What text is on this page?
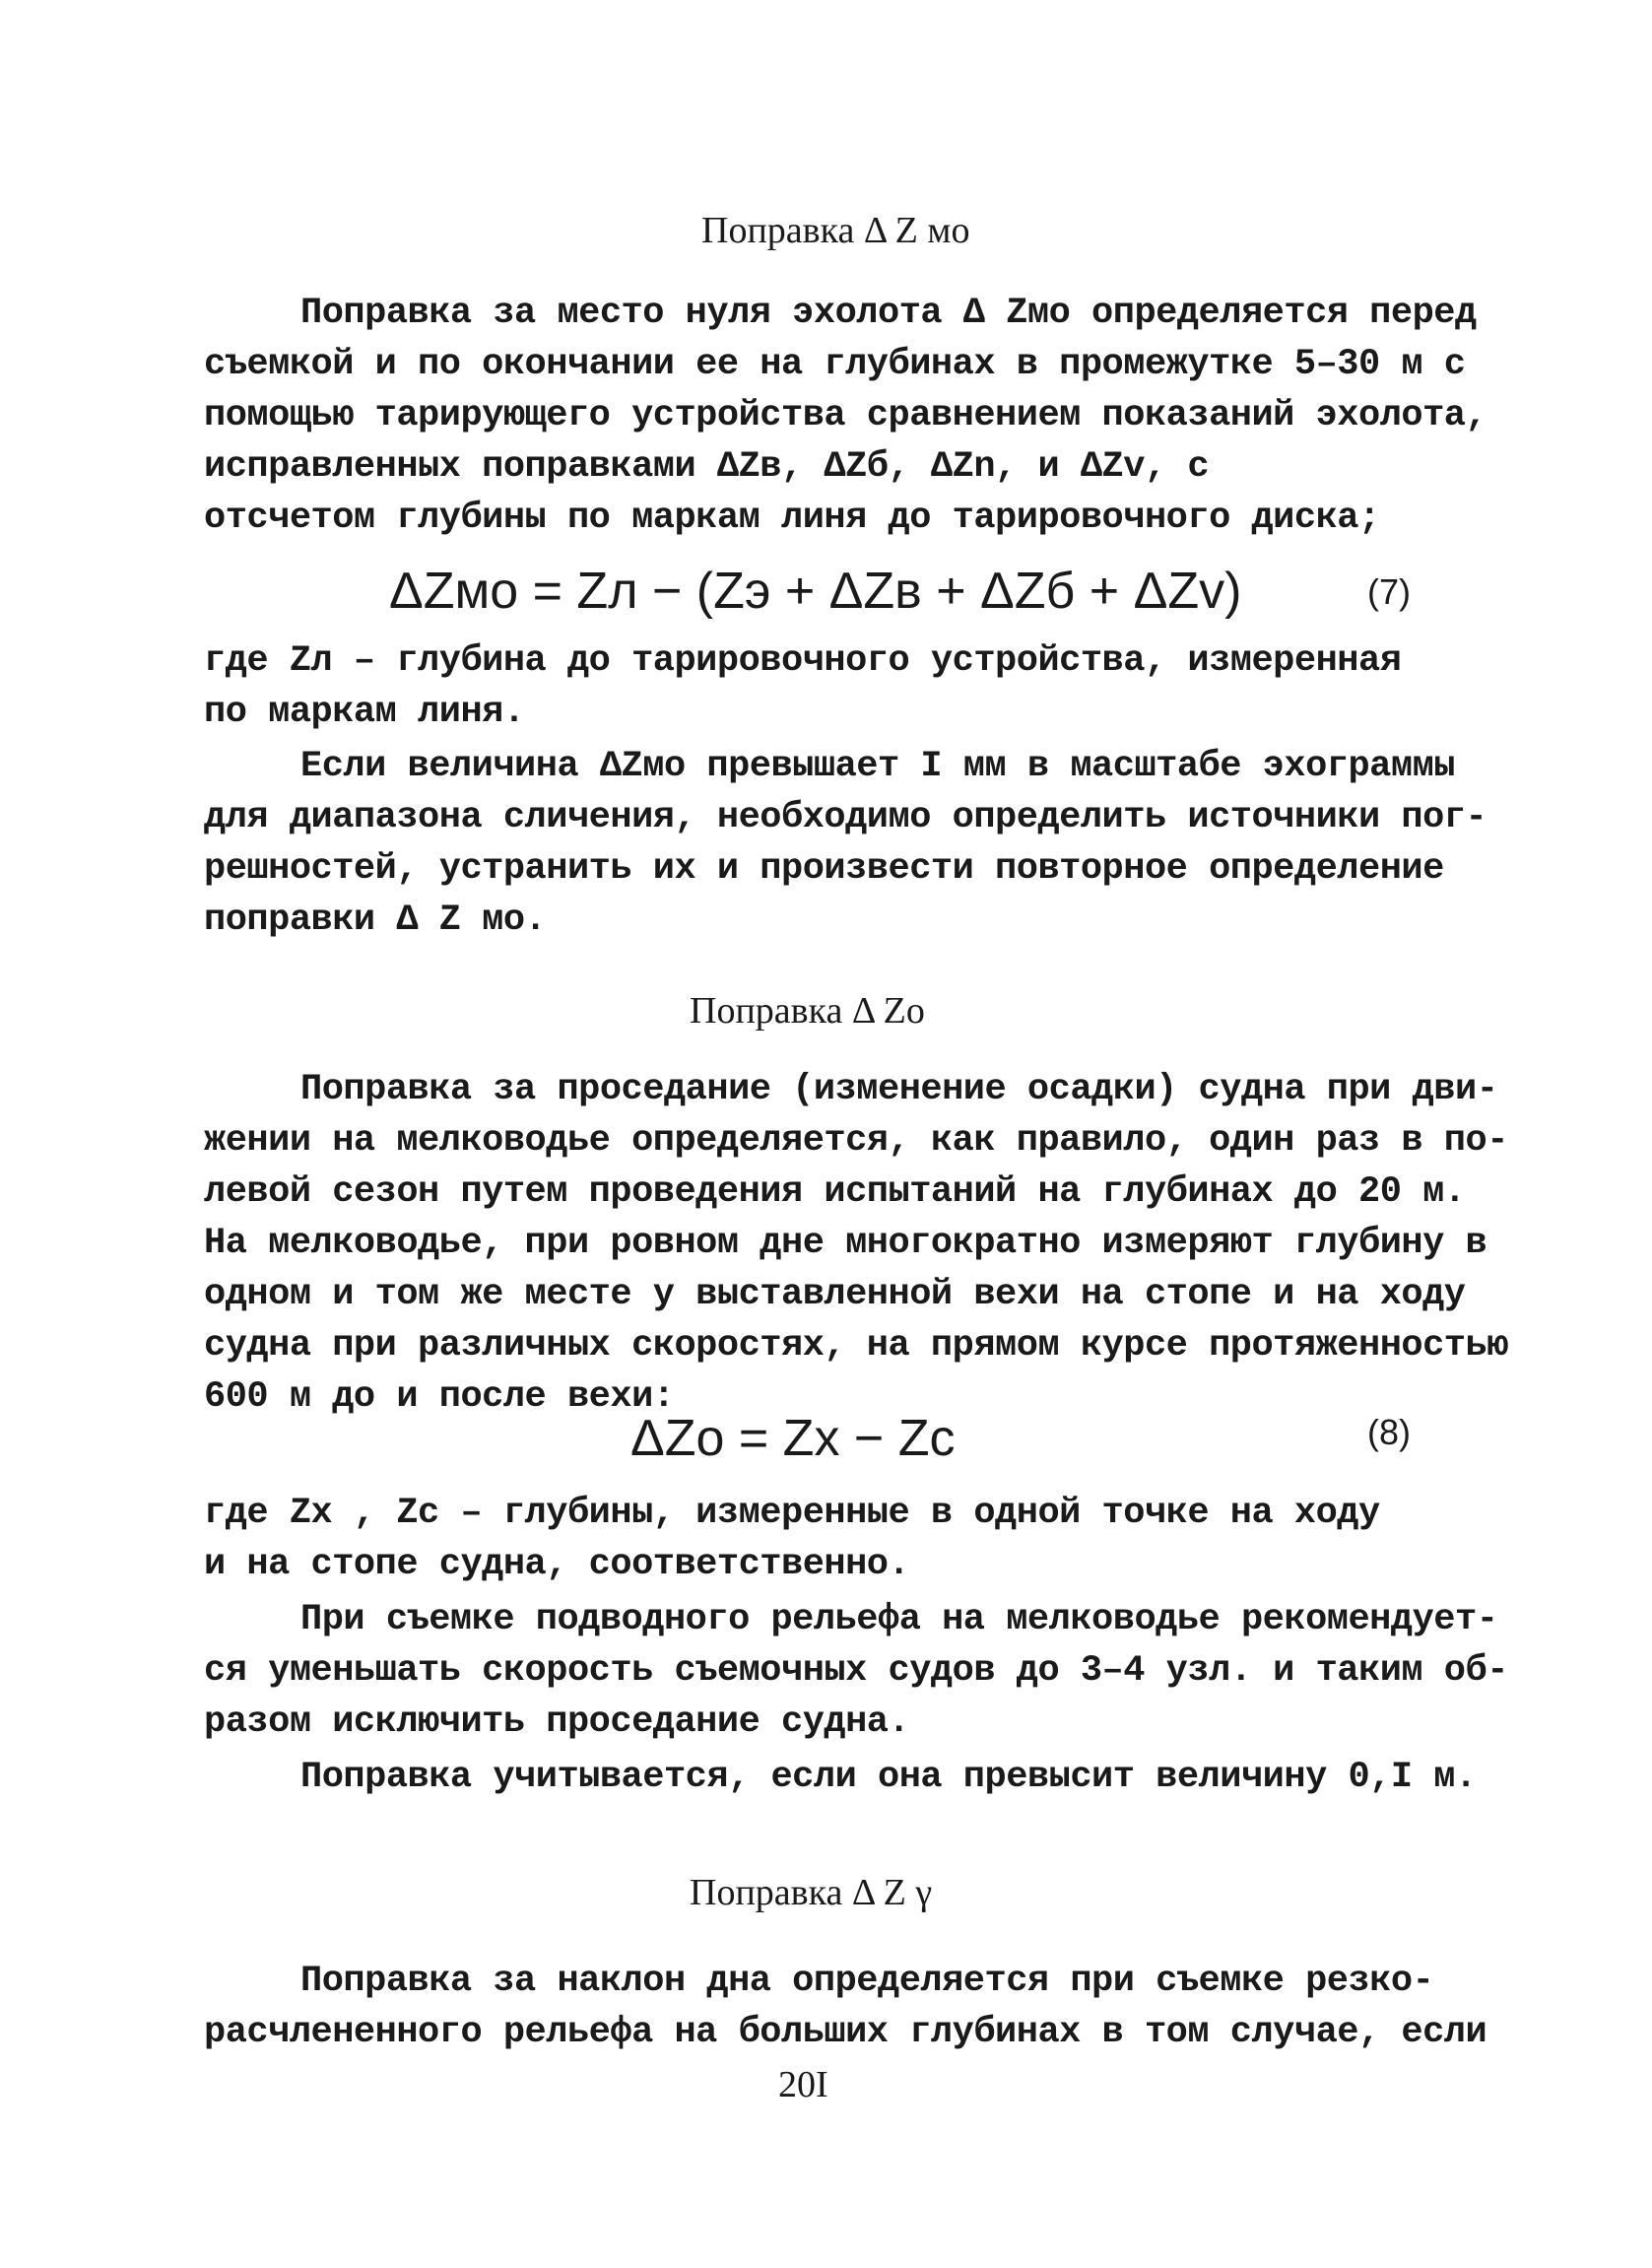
Поправка Δ Z мо
Поправка за место нуля эхолота Δ Zмо определяется перед
съемкой и по окончании ее на глубинах в промежутке 5–30 м с
помощью тарирующего устройства сравнением показаний эхолота,
исправленных поправками ΔZв, ΔZб, ΔZn, и ΔZv, с
отсчетом глубины по маркам линя до тарировочного диска;
ΔZмо = Zл − (Zэ + ΔZв + ΔZб + ΔZv)	(7)
где Zл – глубина до тарировочного устройства, измеренная
по маркам линя.
Если величина ΔZмо превышает I мм в масштабе эхограммы
для диапазона сличения, необходимо определить источники пог-
решностей, устранить их и произвести повторное определение
поправки Δ Z мо.
Поправка Δ Zо
Поправка за проседание (изменение осадки) судна при дви-
жении на мелководье определяется, как правило, один раз в по-
левой сезон путем проведения испытаний на глубинах до 20 м.
На мелководье, при ровном дне многократно измеряют глубину в
одном и том же месте у выставленной вехи на стопе и на ходу
судна при различных скоростях, на прямом курсе протяженностью
600 м до и после вехи:
ΔZо = Zх − Zс	(8)
где Zх , Zс – глубины, измеренные в одной точке на ходу
и на стопе судна, соответственно.
При съемке подводного рельефа на мелководье рекомендует-
ся уменьшать скорость съемочных судов до 3–4 узл. и таким об-
разом исключить проседание судна.
Поправка учитывается, если она превысит величину 0,I м.
Поправка Δ Z γ
Поправка за наклон дна определяется при съемке резко-
расчлененного рельефа на больших глубинах в том случае, если
20I
